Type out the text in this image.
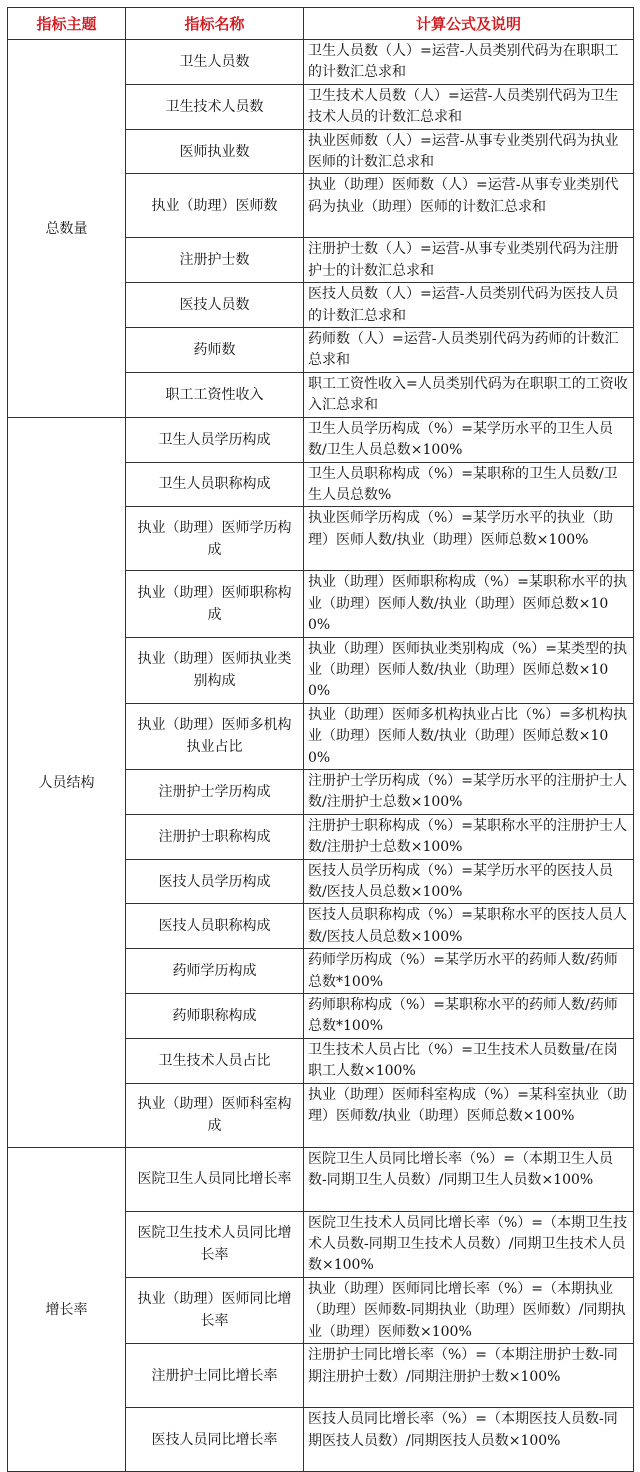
指标主题	指标名称	计算公式及说明
总数量	卫生人员数	卫生人员数（人）=运营-人员类别代码为在职职工的计数汇总求和
	卫生技术人员数	卫生技术人员数（人）=运营-人员类别代码为卫生技术人员的计数汇总求和
	医师执业数	执业医师数（人）=运营-从事专业类别代码为执业医师的计数汇总求和
	执业（助理）医师数	执业（助理）医师数（人）=运营-从事专业类别代码为执业（助理）医师的计数汇总求和
	注册护士数	注册护士数（人）=运营-从事专业类别代码为注册护士的计数汇总求和
	医技人员数	医技人员数（人）=运营-人员类别代码为医技人员的计数汇总求和
	药师数	药师数（人）=运营-人员类别代码为药师的计数汇总求和
	职工工资性收入	职工工资性收入=人员类别代码为在职职工的工资收入汇总求和
人员结构	卫生人员学历构成	卫生人员学历构成（%）=某学历水平的卫生人员数/卫生人员总数×100%
	卫生人员职称构成	卫生人员职称构成（%）=某职称的卫生人员数/卫生人员总数%
	执业（助理）医师学历构成	执业医师学历构成（%）=某学历水平的执业（助理）医师人数/执业（助理）医师总数×100%
	执业（助理）医师职称构成	执业（助理）医师职称构成（%）=某职称水平的执业（助理）医师人数/执业（助理）医师总数×100%
	执业（助理）医师执业类别构成	执业（助理）医师执业类别构成（%）=某类型的执业（助理）医师人数/执业（助理）医师总数×100%
	执业（助理）医师多机构执业占比	执业（助理）医师多机构执业占比（%）=多机构执业（助理）医师人数/执业（助理）医师总数×100%
	注册护士学历构成	注册护士学历构成（%）=某学历水平的注册护士人数/注册护士总数×100%
	注册护士职称构成	注册护士职称构成（%）=某职称水平的注册护士人数/注册护士总数×100%
	医技人员学历构成	医技人员学历构成（%）=某学历水平的医技人员数/医技人员总数×100%
	医技人员职称构成	医技人员职称构成（%）=某职称水平的医技人员人数/医技人员总数×100%
	药师学历构成	药师学历构成（%）=某学历水平的药师人数/药师总数*100%
	药师职称构成	药师职称构成（%）=某职称水平的药师人数/药师总数*100%
	卫生技术人员占比	卫生技术人员占比（%）=卫生技术人员数量/在岗职工人数×100%
	执业（助理）医师科室构成	执业（助理）医师科室构成（%）=某科室执业（助理）医师数/执业（助理）医师总数×100%
增长率	医院卫生人员同比增长率	医院卫生人员同比增长率（%）=（本期卫生人员数-同期卫生人员数）/同期卫生人员数×100%
	医院卫生技术人员同比增长率	医院卫生技术人员同比增长率（%）=（本期卫生技术人员数-同期卫生技术人员数）/同期卫生技术人员数×100%
	执业（助理）医师同比增长率	执业（助理）医师同比增长率（%）=（本期执业（助理）医师数-同期执业（助理）医师数）/同期执业（助理）医师数×100%
	注册护士同比增长率	注册护士同比增长率（%）=（本期注册护士数-同期注册护士数）/同期注册护士数×100%
	医技人员同比增长率	医技人员同比增长率（%）=（本期医技人员数-同期医技人员数）/同期医技人员数×100%
